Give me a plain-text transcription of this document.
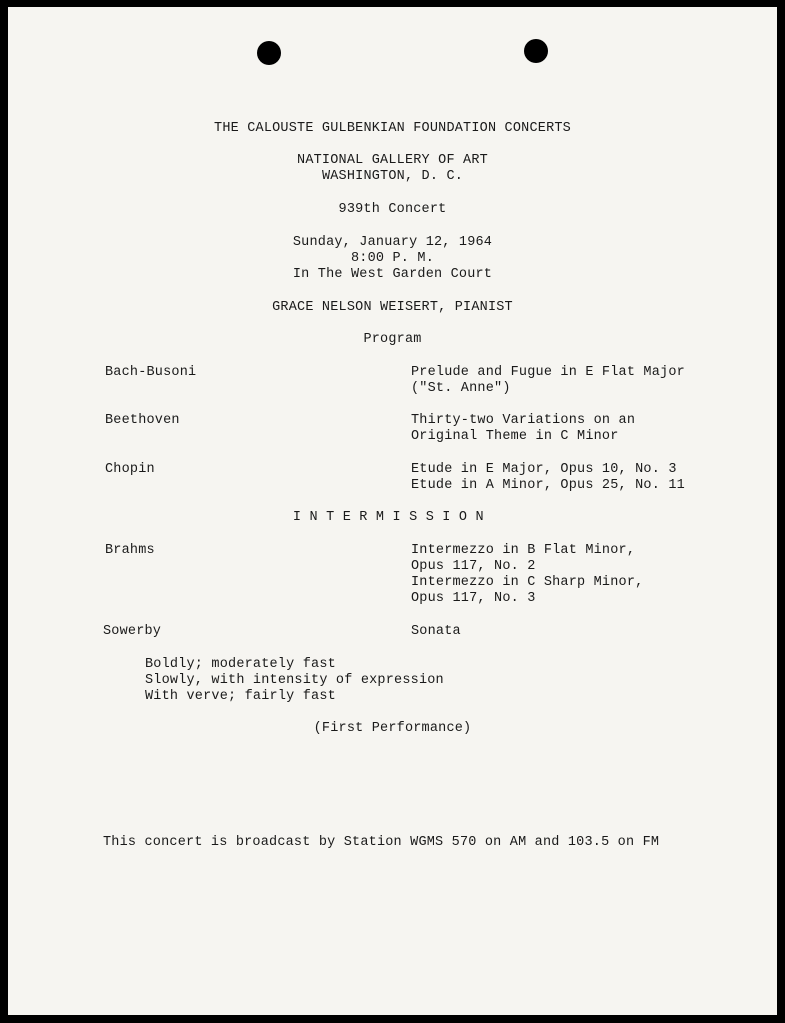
THE CALOUSTE GULBENKIAN FOUNDATION CONCERTS
NATIONAL GALLERY OF ART
WASHINGTON, D. C.
939th Concert
Sunday, January 12, 1964
8:00 P. M.
In The West Garden Court
GRACE NELSON WEISERT, PIANIST
Program
Bach-Busoni	Prelude and Fugue in E Flat Major
("St. Anne")
Beethoven	Thirty-two Variations on an
Original Theme in C Minor
Chopin	Etude in E Major, Opus 10, No. 3
Etude in A Minor, Opus 25, No. 11
INTERMISSION
Brahms	Intermezzo in B Flat Minor,
Opus 117, No. 2
Intermezzo in C Sharp Minor,
Opus 117, No. 3
Sowerby	Sonata
Boldly; moderately fast
Slowly, with intensity of expression
With verve; fairly fast
(First Performance)
This concert is broadcast by Station WGMS 570 on AM and 103.5 on FM
